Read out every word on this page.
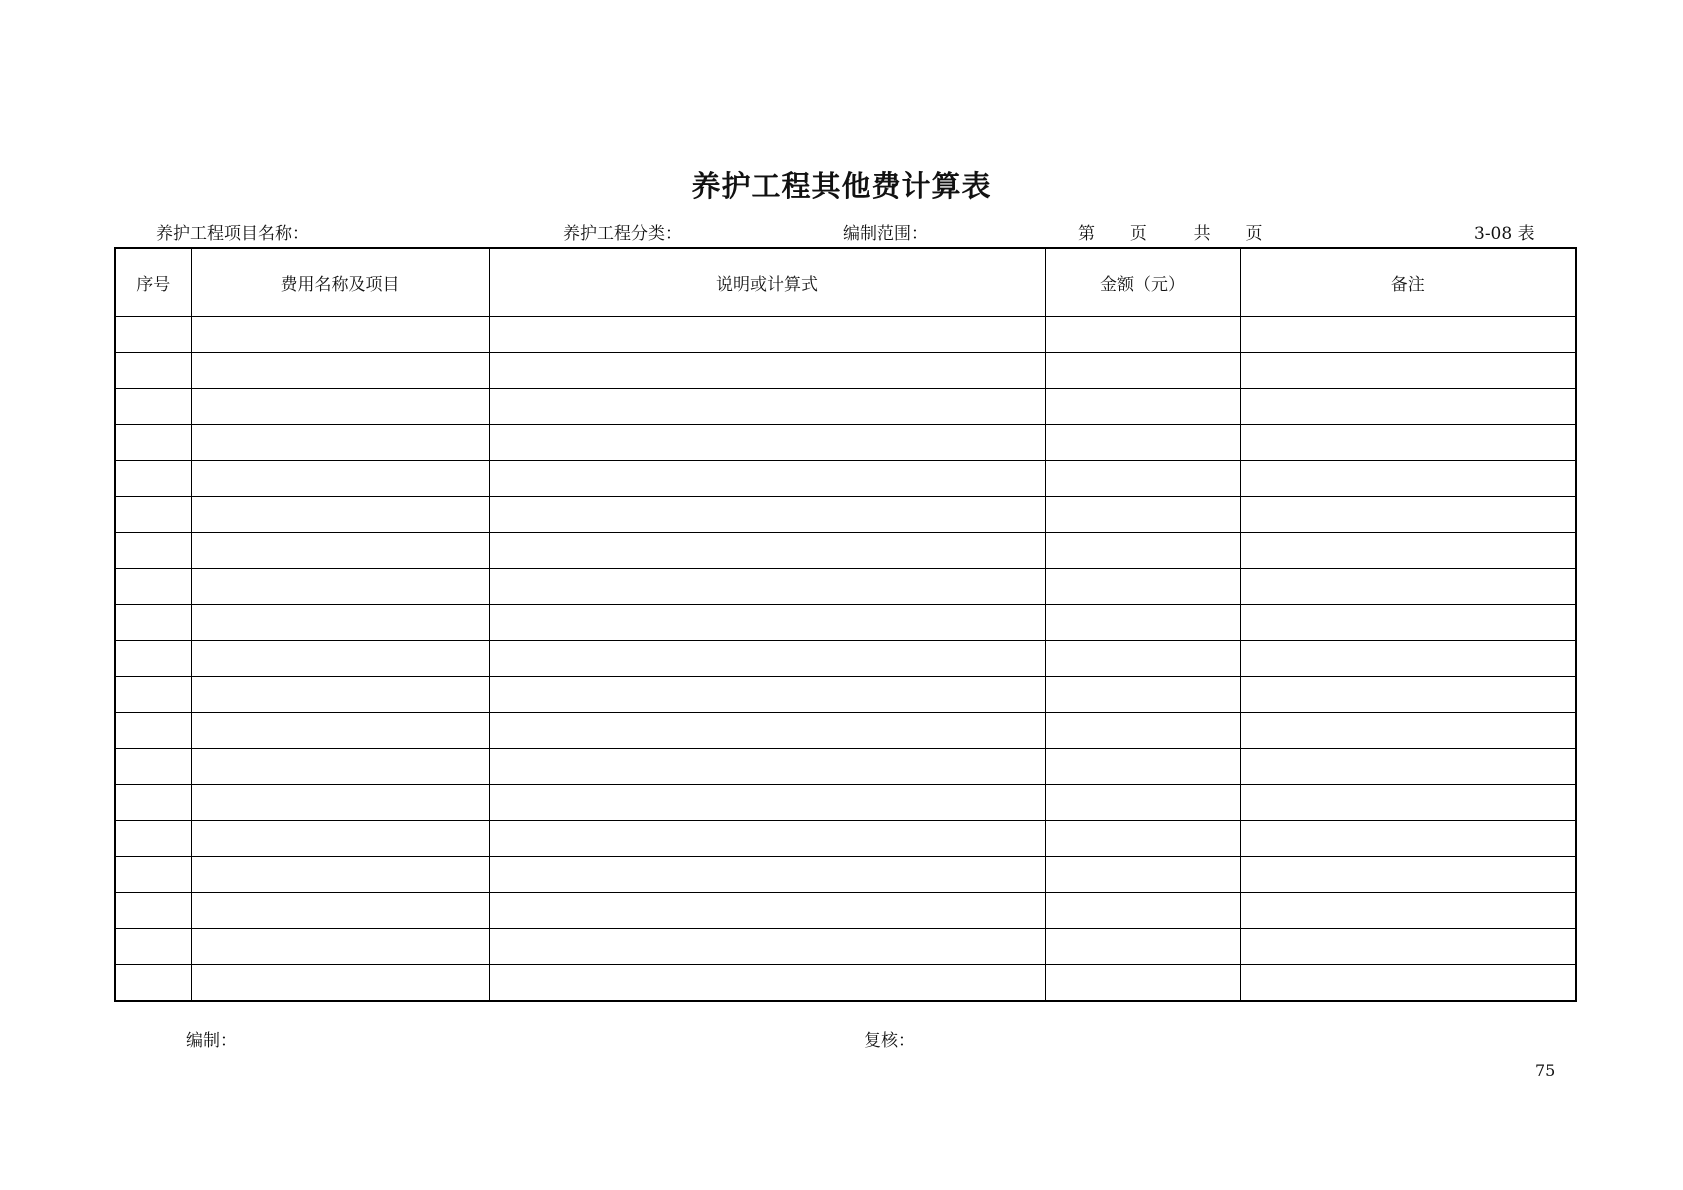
养护工程其他费计算表
养护工程项目名称：	养护工程分类：	编制范围：	第 页	共 页	3-08 表
序号	费用名称及项目	说明或计算式	金额（元）	备注

编制：	复核：
75
